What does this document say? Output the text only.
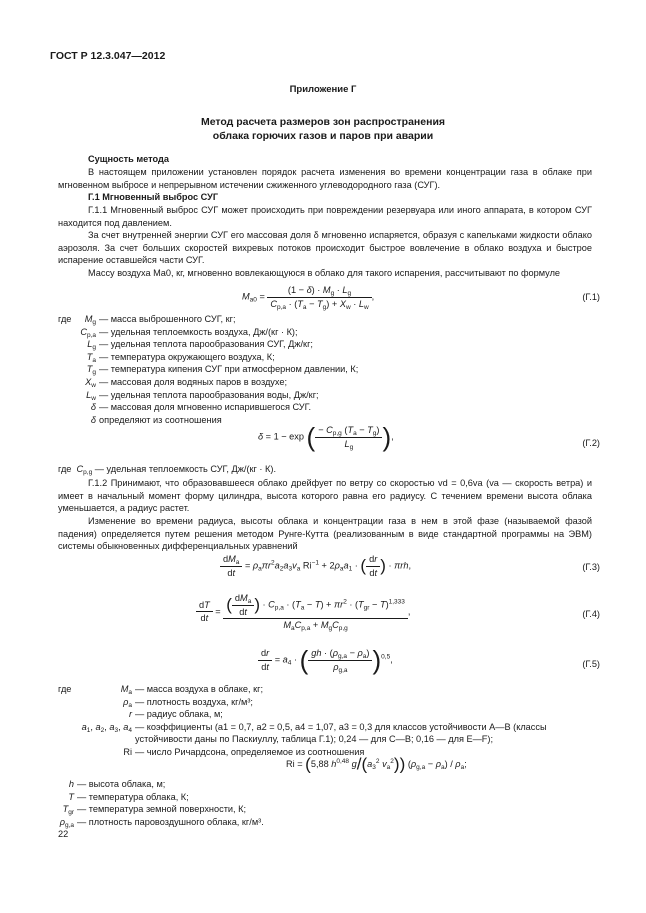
ГОСТ Р 12.3.047—2012
Приложение Г
Метод расчета размеров зон распространения
облака горючих газов и паров при аварии
Сущность метода
В настоящем приложении установлен порядок расчета изменения во времени концентрации газа в облаке при мгновенном выбросе и непрерывном истечении сжиженного углеводородного газа (СУГ).
Г.1 Мгновенный выброс СУГ
Г.1.1 Мгновенный выброс СУГ может происходить при повреждении резервуара или иного аппарата, в котором СУГ находится под давлением.
За счет внутренней энергии СУГ его массовая доля δ мгновенно испаряется, образуя с капельками жидкости облако аэрозоля. За счет больших скоростей вихревых потоков происходит быстрое вовлечение в облако воздуха и быстрое испарение оставшейся части СУГ.
Массу воздуха Ma0, кг, мгновенно вовлекающуюся в облако для такого испарения, рассчитывают по формуле
$M_{a0} = \frac{(1 - \delta) \cdot M_g \cdot L_g}{C_{p,a} \cdot (T_a - T_g) + X_w \cdot L_w}$ ,	(Г.1)
где	$M_g$ — масса выброшенного СУГ, кг;
$C_{p,a}$ — удельная теплоемкость воздуха, Дж/(кг · К);
$L_g$ — удельная теплота парообразования СУГ, Дж/кг;
$T_a$ — температура окружающего воздуха, К;
$T_g$ — температура кипения СУГ при атмосферном давлении, К;
$X_w$ — массовая доля водяных паров в воздухе;
$L_w$ — удельная теплота парообразования воды, Дж/кг;
δ — массовая доля мгновенно испарившегося СУГ.
δ определяют из соотношения
δ = 1 − exp ( $\frac{- C_{p,g} (T_a - T_g)}{L_g}$ ),
(Г.2)
где $C_{p,g}$ — удельная теплоемкость СУГ, Дж/(кг · К).
Г.1.2 Принимают, что образовавшееся облако дрейфует по ветру со скоростью vd = 0,6va (va — скорость ветра) и имеет в начальный момент форму цилиндра, высота которого равна его радиусу. С течением времени высота облака уменьшается, а радиус растет.
Изменение во времени радиуса, высоты облака и концентрации газа в нем в этой фазе (называемой фазой падения) определяется путем решения методом Рунге-Кутта (реализованным в виде стандартной программы на ЭВМ) системы обыкновенных дифференциальных уравнений
$\frac{dM_a}{dt} = \rho_a\pi r^2a_2a_3v_a$ $Ri^{-1} + 2\rho_aa_1$ · ( $\frac{dr}{dt}$ ) · πrh,	(Г.3)
$\frac{dT}{dt} = \frac{( \frac{dM_a}{dt} ) \cdot C_{p,a} \cdot (T_a - T) + \pi r^2 \cdot (T_{gr} - T)^{1,333}}{M_aC_{p,a} + M_gC_{p,g}}$ ,	(Г.4)
$\frac{dr}{dt} = a_4$ · ( $\frac{gh \cdot (\rho_{g,a} - \rho_a)}{\rho_{g,a}} )^{0,5}$,	(Г.5)
где	$M_a$ — масса воздуха в облаке, кг;
$\rho_a$ — плотность воздуха, кг/м³;
r — радиус облака, м;
$a_1$, $a_2$, $a_3$, $a_4$ — коэффициенты (a1 = 0,7, a2 = 0,5, a4 = 1,07, a3 = 0,3 для классов устойчивости А—В (классы устойчивости даны по Паскиуллу, таблица Г.1); 0,24 — для С—В; 0,16 — для Е—F);
Ri — число Ричардсона, определяемое из соотношения
Ri = (5,88 $h^{0,48}$ $g/(a_3^2$ $v_a^2$)) $(\rho_{g,a} - \rho_a) / \rho_a$;
h — высота облака, м;
T — температура облака, К;
$T_{gr}$ — температура земной поверхности, К;
$\rho_{g,a}$ — плотность паровоздушного облака, кг/м³.
22
